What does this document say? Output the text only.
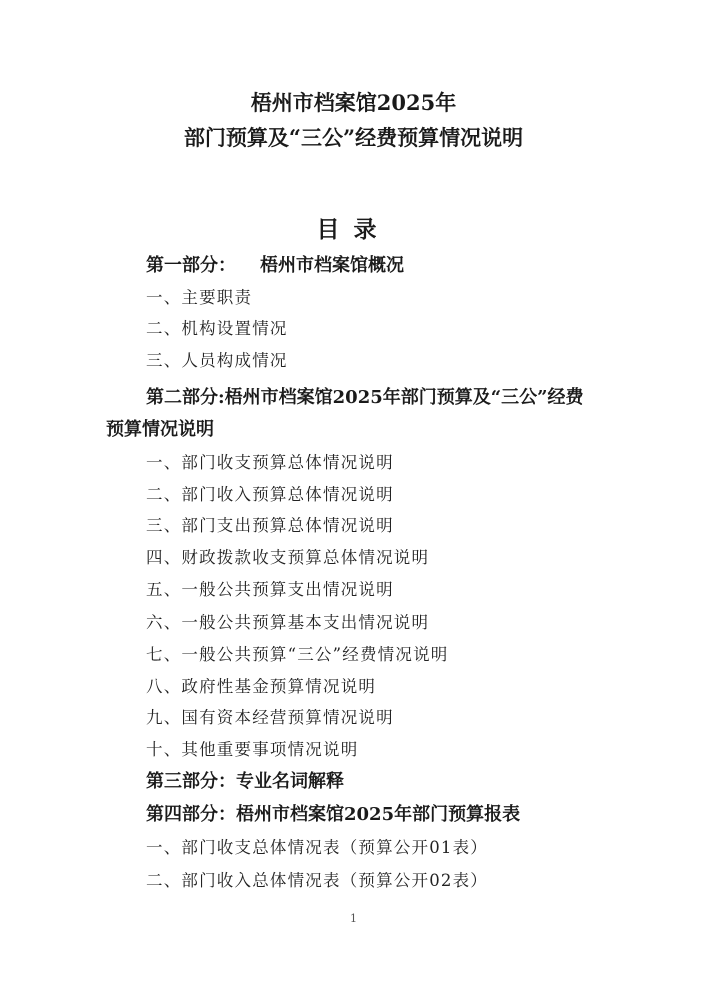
梧州市档案馆2025年
部门预算及“三公”经费预算情况说明
目录
第一部分： 梧州市档案馆概况
一、主要职责
二、机构设置情况
三、人员构成情况
第二部分:梧州市档案馆2025年部门预算及“三公”经费
预算情况说明
一、部门收支预算总体情况说明
二、部门收入预算总体情况说明
三、部门支出预算总体情况说明
四、财政拨款收支预算总体情况说明
五、一般公共预算支出情况说明
六、一般公共预算基本支出情况说明
七、一般公共预算“三公”经费情况说明
八、政府性基金预算情况说明
九、国有资本经营预算情况说明
十、其他重要事项情况说明
第三部分：专业名词解释
第四部分：梧州市档案馆2025年部门预算报表
一、部门收支总体情况表（预算公开01表）
二、部门收入总体情况表（预算公开02表）
1
